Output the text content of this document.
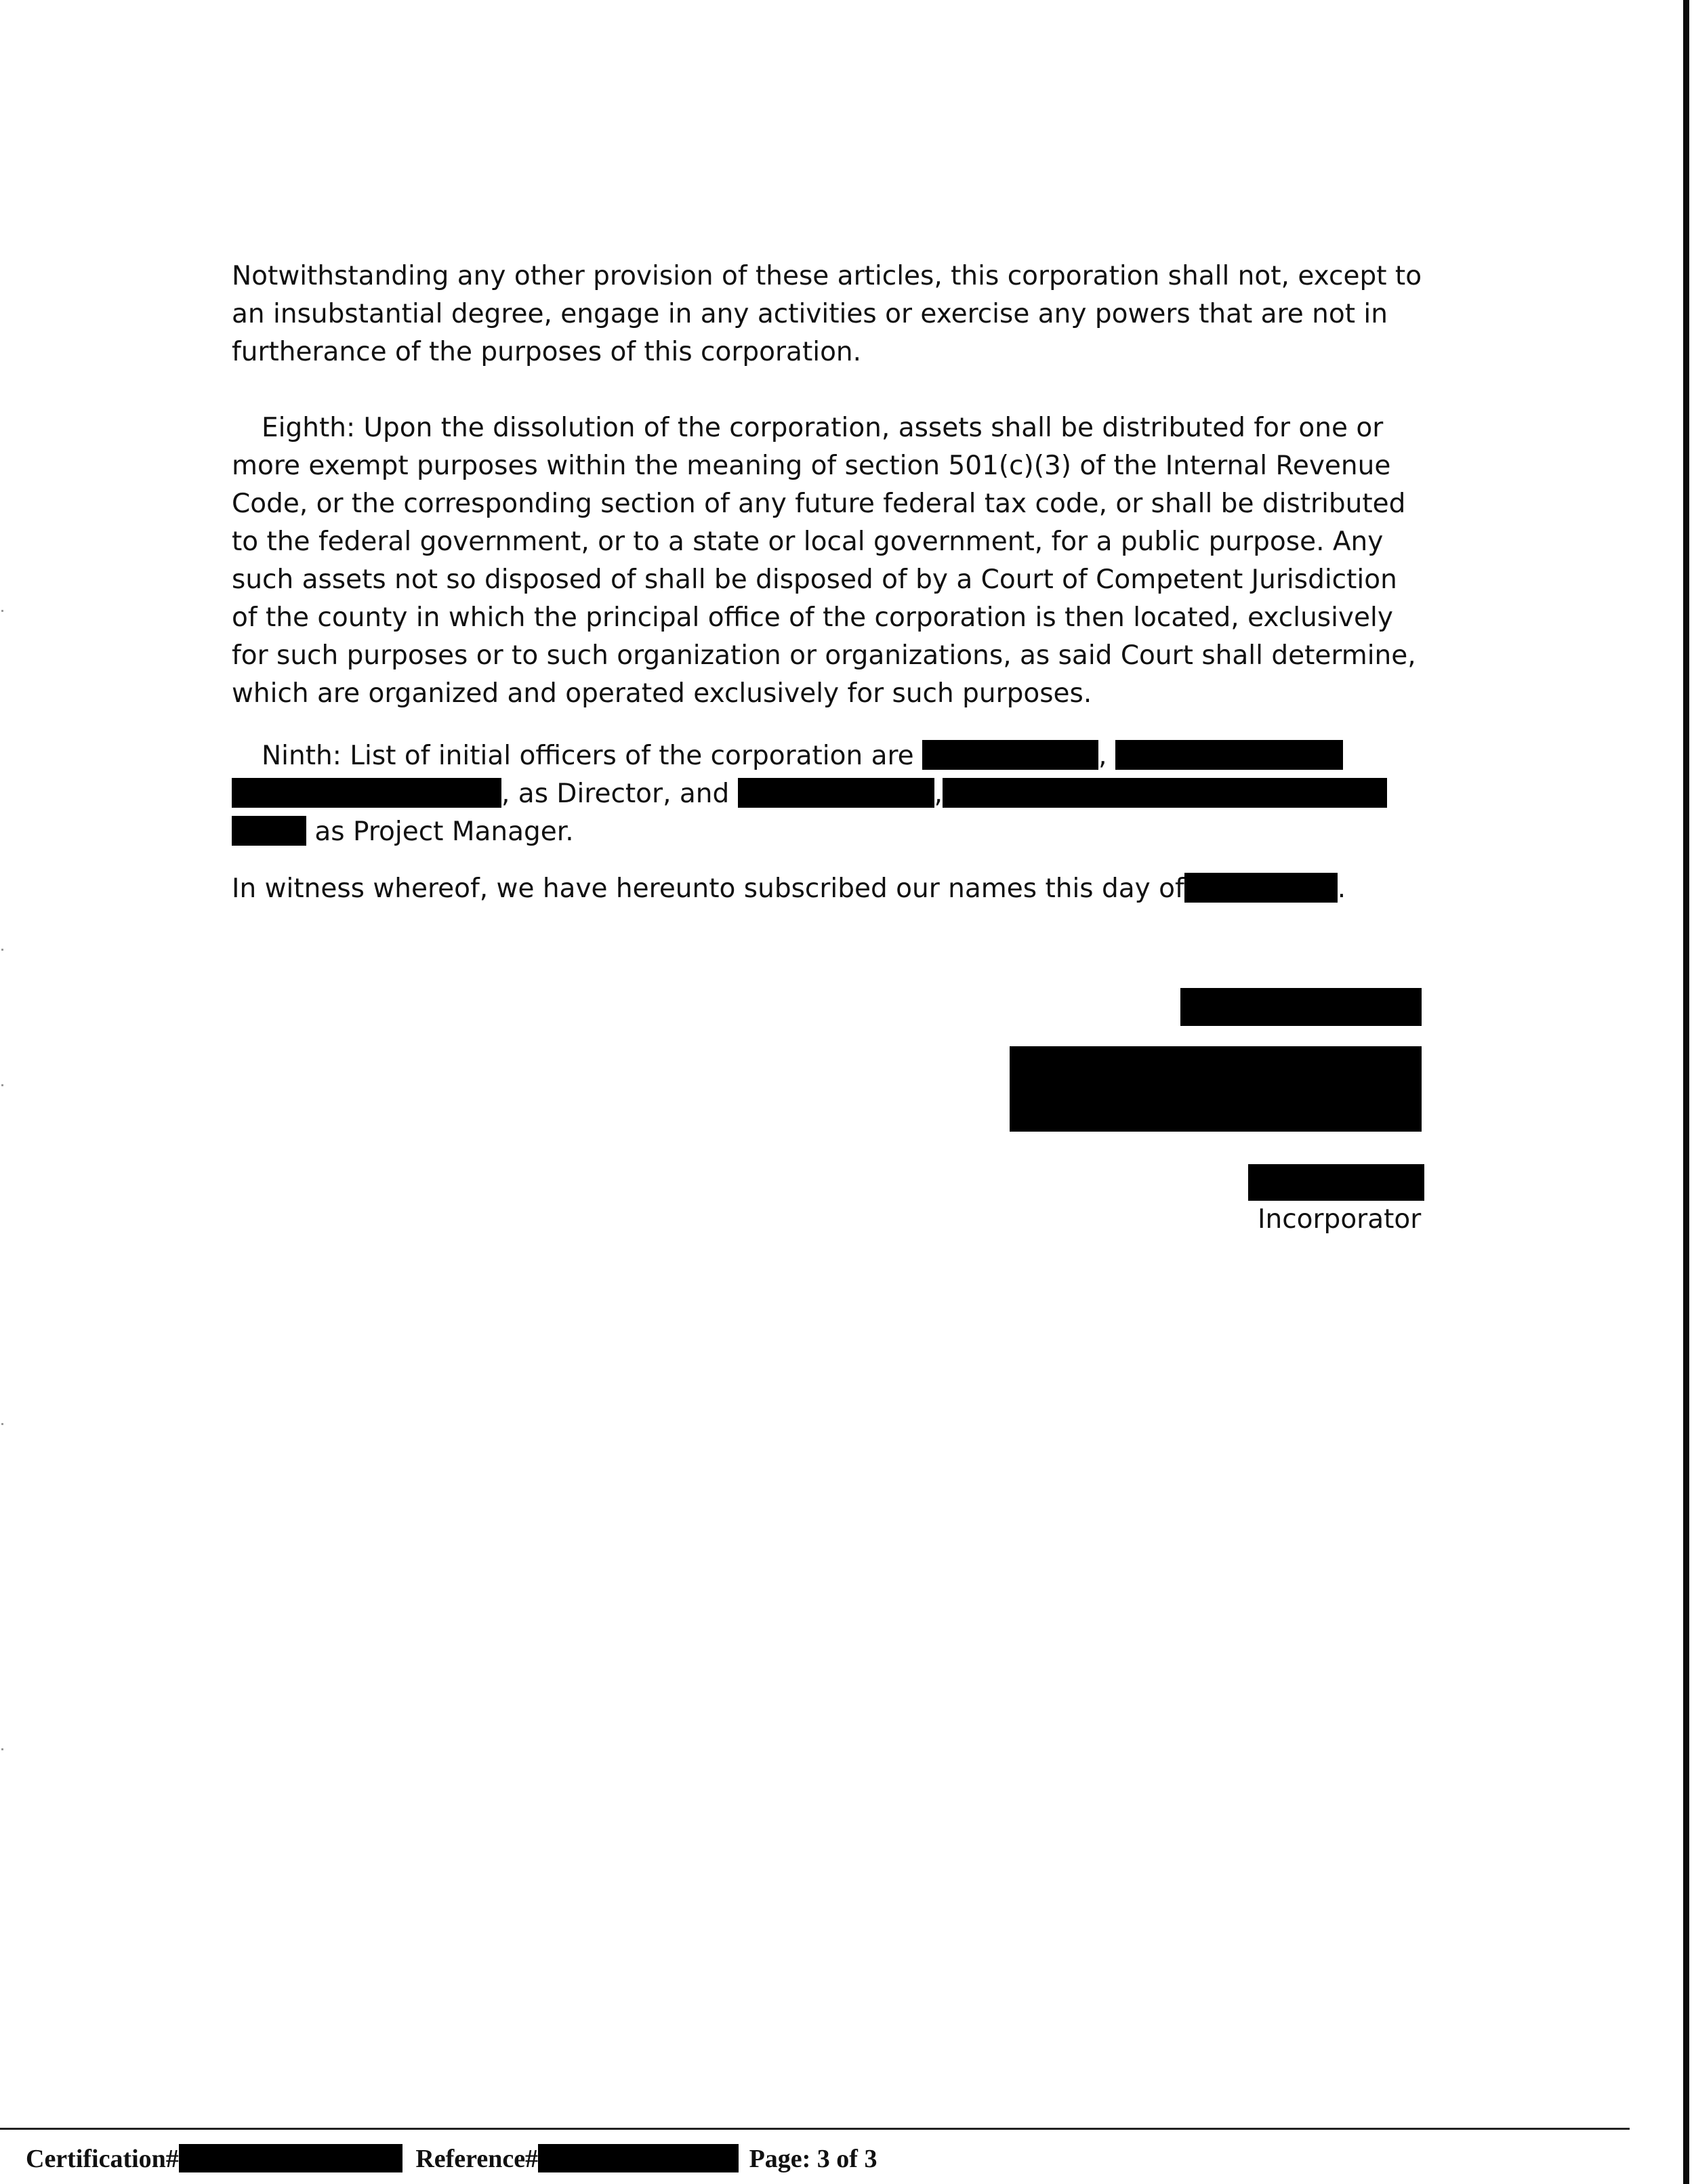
Notwithstanding any other provision of these articles, this corporation shall not, except to an insubstantial degree, engage in any activities or exercise any powers that are not in furtherance of the purposes of this corporation.

Eighth: Upon the dissolution of the corporation, assets shall be distributed for one or more exempt purposes within the meaning of section 501(c)(3) of the Internal Revenue Code, or the corresponding section of any future federal tax code, or shall be distributed to the federal government, or to a state or local government, for a public purpose. Any such assets not so disposed of shall be disposed of by a Court of Competent Jurisdiction of the county in which the principal office of the corporation is then located, exclusively for such purposes or to such organization or organizations, as said Court shall determine, which are organized and operated exclusively for such purposes.

Ninth: List of initial officers of the corporation are	,
, as Director, and	,
as Project Manager.
In witness whereof, we have hereunto subscribed our names this day of	.
Incorporator
Certification#	Reference#	Page: 3 of 3
